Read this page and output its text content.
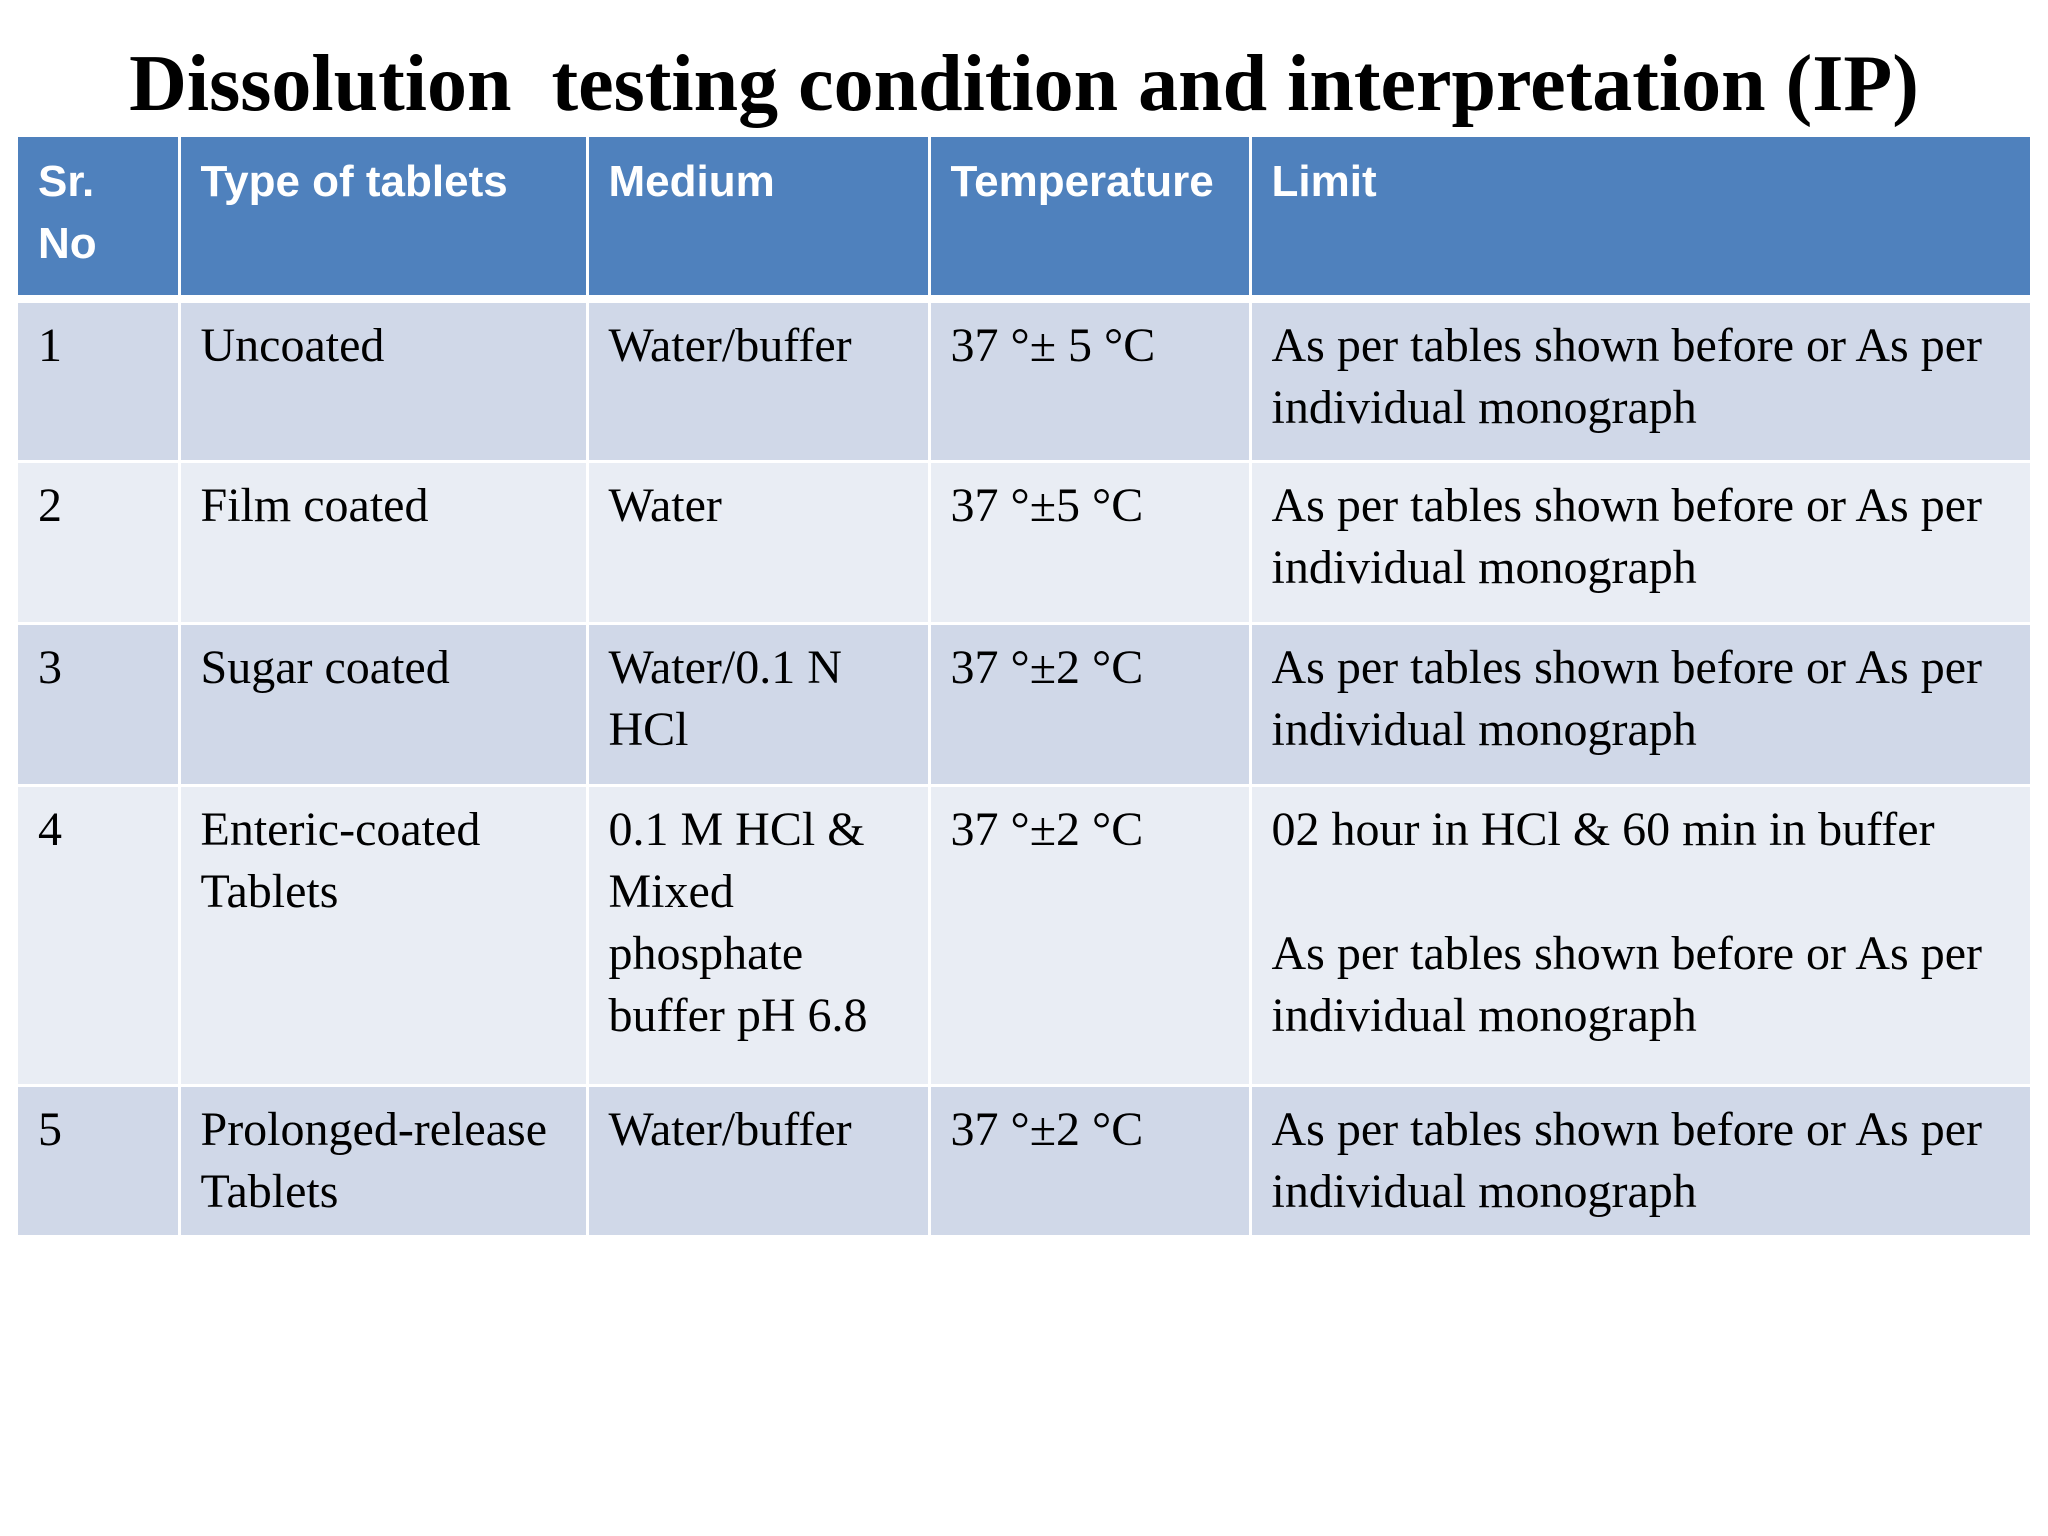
Dissolution  testing condition and interpretation (IP)
Sr. No	Type of tablets	Medium	Temperature	Limit
1	Uncoated	Water/buffer	37 °± 5 °C	As per tables shown before or As per individual monograph
2	Film coated	Water	37 °±5 °C	As per tables shown before or As per individual monograph
3	Sugar coated	Water/0.1 N HCl	37 °±2 °C	As per tables shown before or As per individual monograph
4	Enteric-coated Tablets	0.1 M HCl & Mixed phosphate buffer pH 6.8	37 °±2 °C	02 hour in HCl & 60 min in buffer
As per tables shown before or As per individual monograph

5	Prolonged-release Tablets	Water/buffer	37 °±2 °C	As per tables shown before or As per individual monograph
